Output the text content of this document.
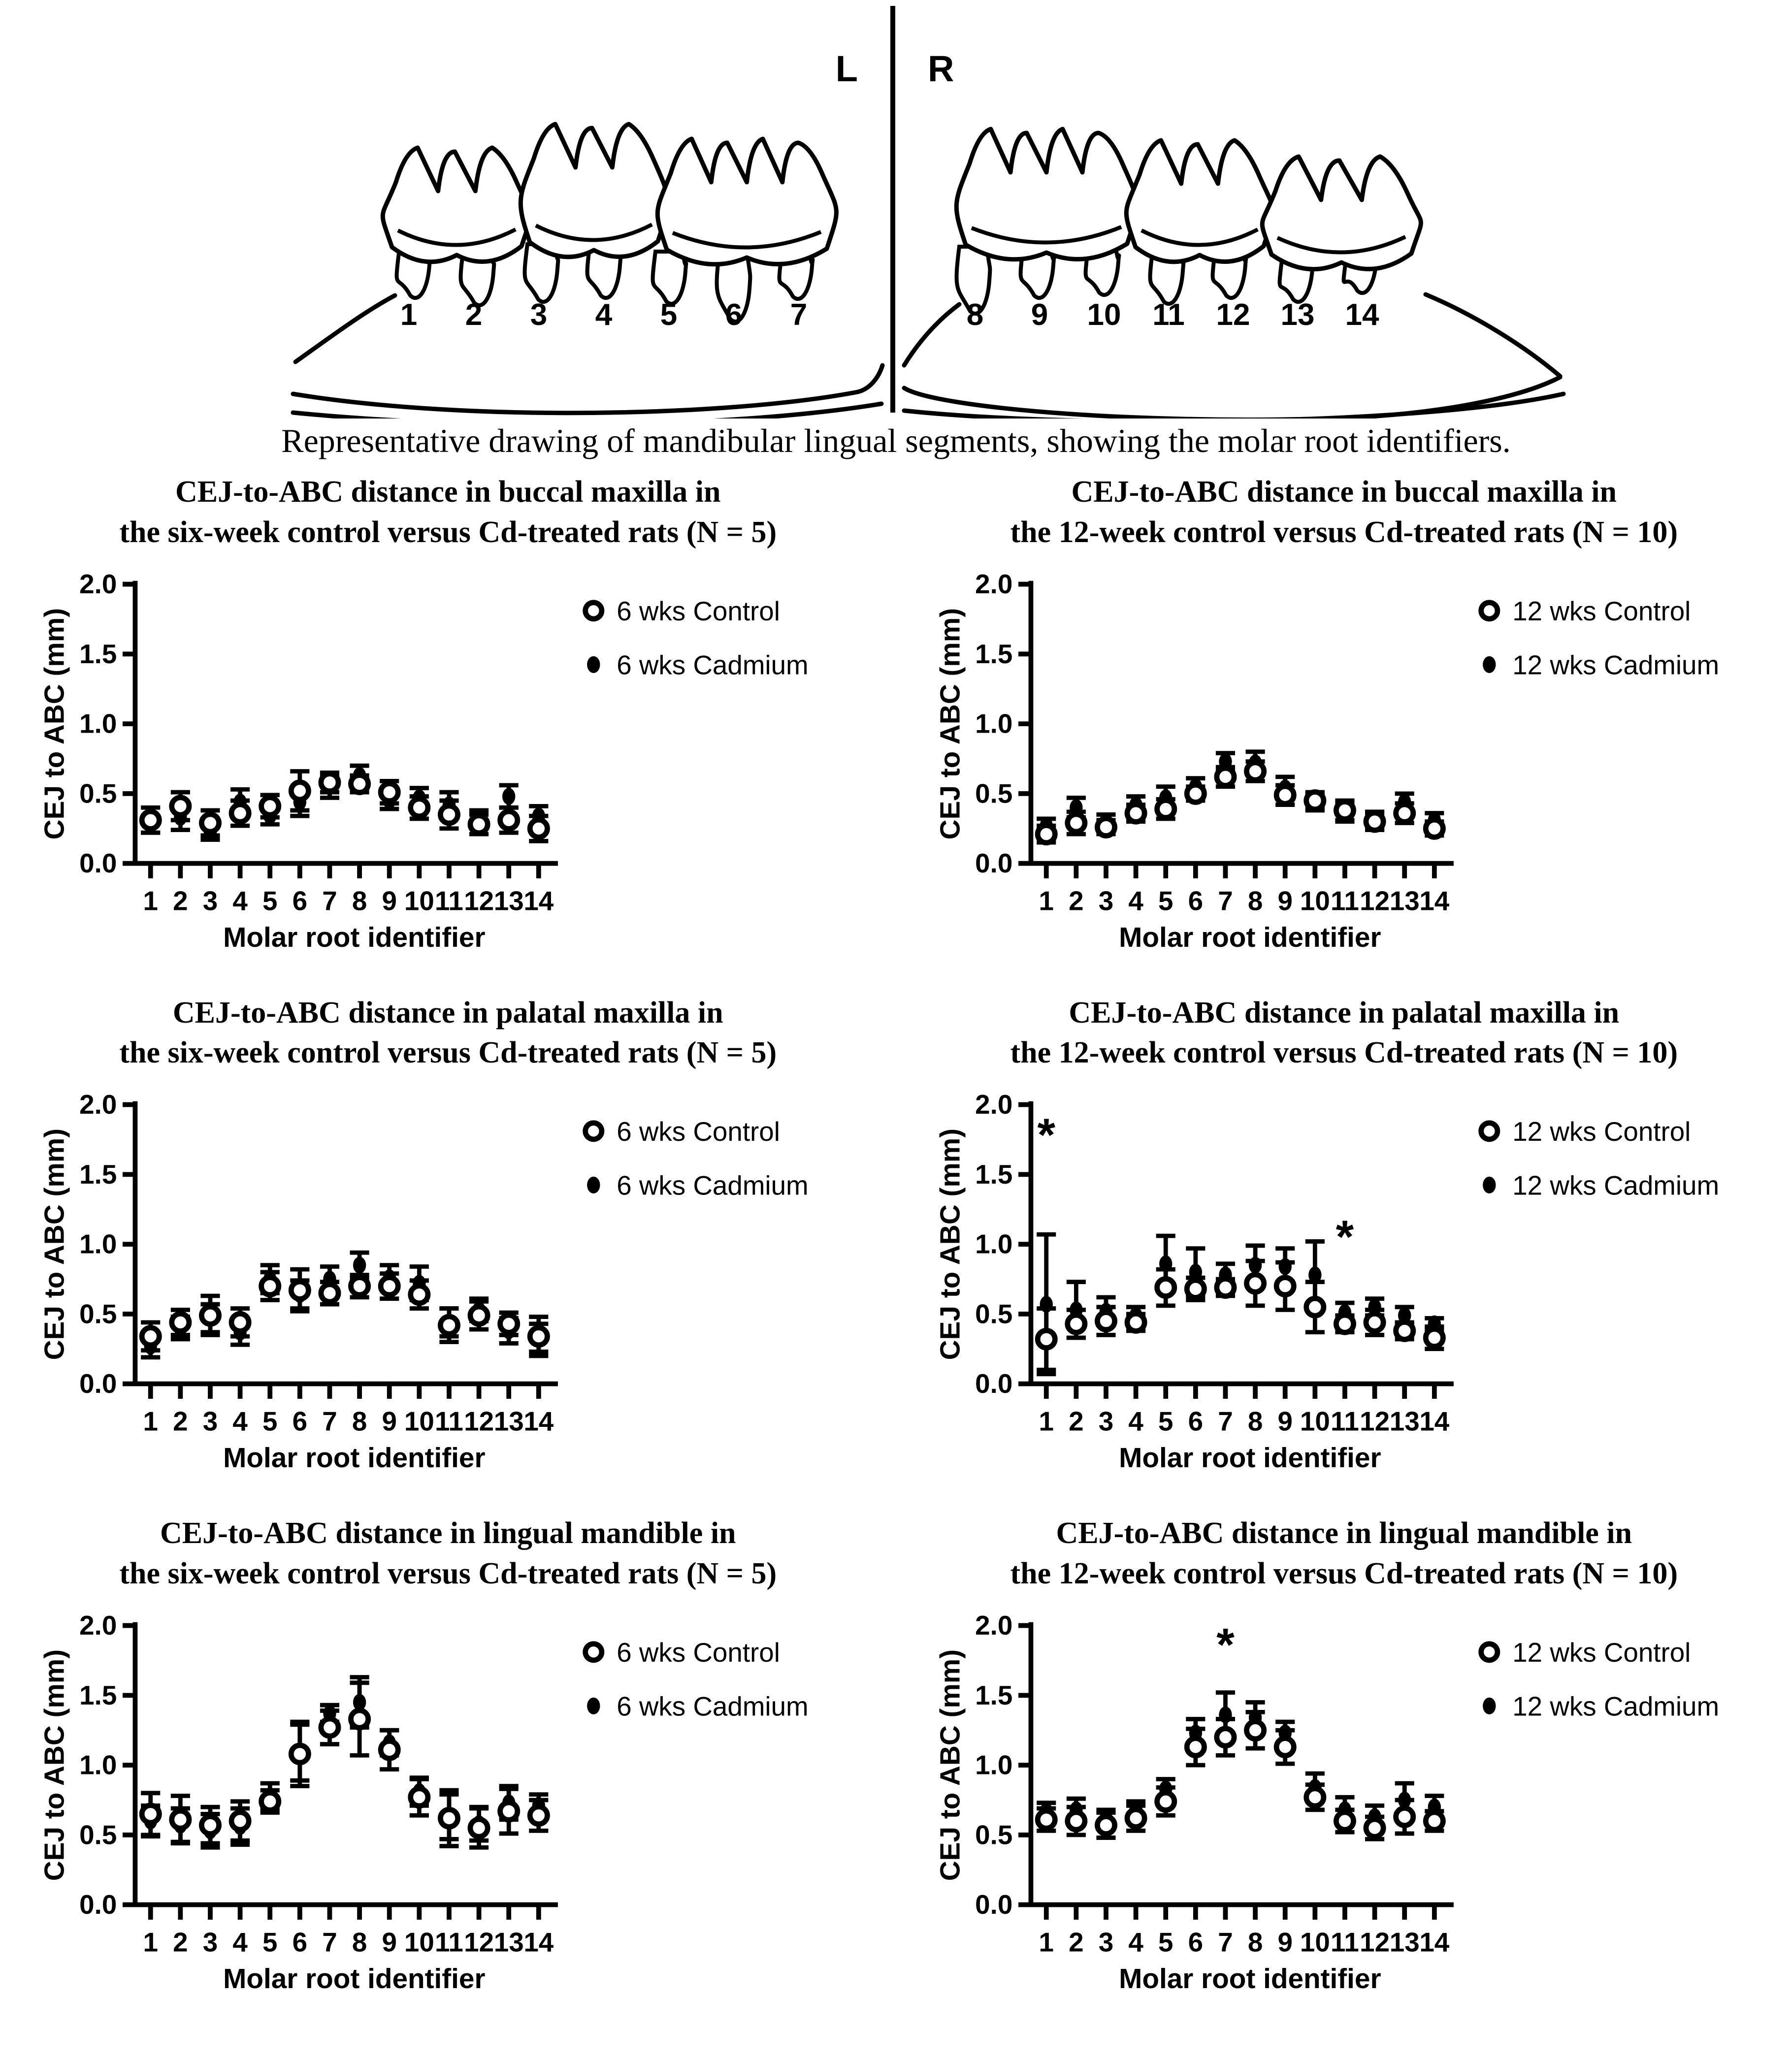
L R
1 2 3 4 5 6 7	8 9 10 11 12 13 14

Representative drawing of mandibular lingual segments, showing the molar root identifiers.

CEJ-to-ABC distance in buccal maxilla in
the six-week control versus Cd-treated rats (N = 5)
0.0
0.5
1.0
1.5
2.0
1 2 3 4 5 6 7 8 9 10 11 12 13 14
CEJ to ABC (mm)
Molar root identifier
6 wks Control
6 wks Cadmium
CEJ-to-ABC distance in buccal maxilla in
the 12-week control versus Cd-treated rats (N = 10)
0.0
0.5
1.0
1.5
2.0
1 2 3 4 5 6 7 8 9 10 11 12 13 14
CEJ to ABC (mm)
Molar root identifier
12 wks Control
12 wks Cadmium
CEJ-to-ABC distance in palatal maxilla in
the six-week control versus Cd-treated rats (N = 5)
0.0
0.5
1.0
1.5
2.0
1 2 3 4 5 6 7 8 9 10 11 12 13 14
CEJ to ABC (mm)
Molar root identifier
6 wks Control
6 wks Cadmium
CEJ-to-ABC distance in palatal maxilla in
the 12-week control versus Cd-treated rats (N = 10)
0.0
0.5
1.0
1.5
2.0
1 2 3 4 5 6 7 8 9 10 11 12 13 14
CEJ to ABC (mm)
Molar root identifier
12 wks Control
12 wks Cadmium
*
*
CEJ-to-ABC distance in lingual mandible in
the six-week control versus Cd-treated rats (N = 5)
0.0
0.5
1.0
1.5
2.0
1 2 3 4 5 6 7 8 9 10 11 12 13 14
CEJ to ABC (mm)
Molar root identifier
6 wks Control
6 wks Cadmium
CEJ-to-ABC distance in lingual mandible in
the 12-week control versus Cd-treated rats (N = 10)
0.0
0.5
1.0
1.5
2.0
1 2 3 4 5 6 7 8 9 10 11 12 13 14
CEJ to ABC (mm)
Molar root identifier
12 wks Control
12 wks Cadmium
*
